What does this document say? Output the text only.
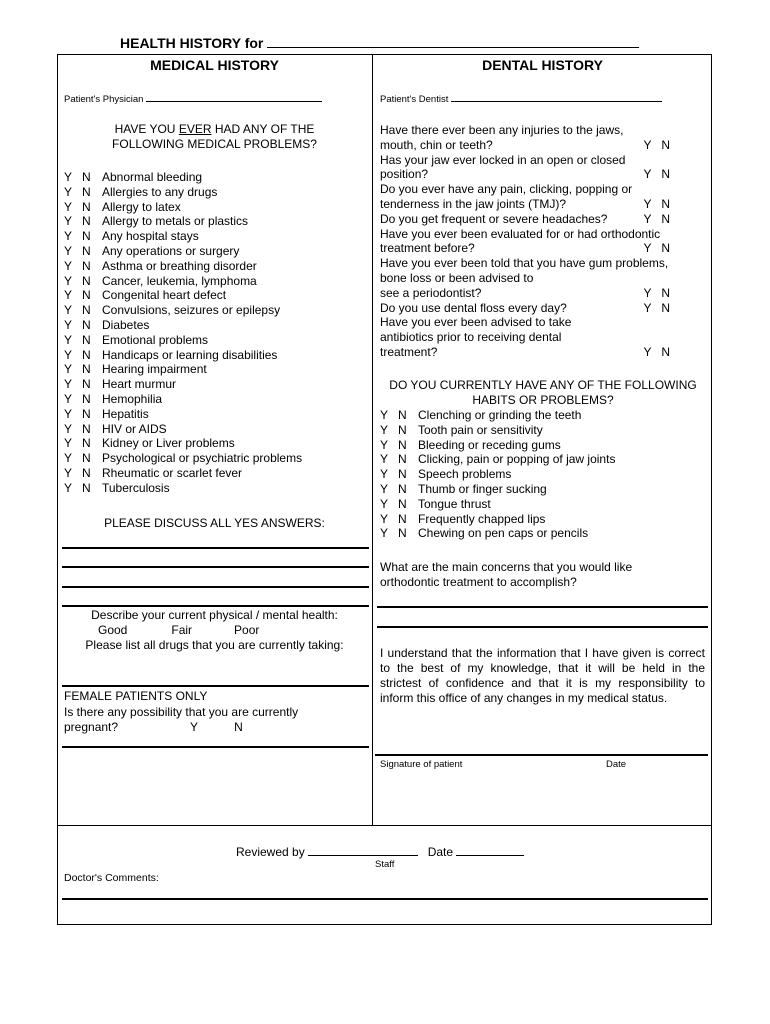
HEALTH HISTORY for
MEDICAL HISTORY
Patient's Physician
HAVE YOU EVER HAD ANY OF THE
FOLLOWING MEDICAL PROBLEMS?
Y N Abnormal bleeding
Y N Allergies to any drugs
Y N Allergy to latex
Y N Allergy to metals or plastics
Y N Any hospital stays
Y N Any operations or surgery
Y N Asthma or breathing disorder
Y N Cancer, leukemia, lymphoma
Y N Congenital heart defect
Y N Convulsions, seizures or epilepsy
Y N Diabetes
Y N Emotional problems
Y N Handicaps or learning disabilities
Y N Hearing impairment
Y N Heart murmur
Y N Hemophilia
Y N Hepatitis
Y N HIV or AIDS
Y N Kidney or Liver problems
Y N Psychological or psychiatric problems
Y N Rheumatic or scarlet fever
Y N Tuberculosis
PLEASE DISCUSS ALL YES ANSWERS:
Describe your current physical / mental health:
Good	Fair	Poor
Please list all drugs that you are currently taking:
FEMALE PATIENTS ONLY
Is there any possibility that you are currently
pregnant?	Y	N
DENTAL HISTORY
Patient's Dentist
Have there ever been any injuries to the jaws,
mouth, chin or teeth?	Y   N
Has your jaw ever locked in an open or closed
position?	Y   N
Do you ever have any pain, clicking, popping or
tenderness in the jaw joints (TMJ)?	Y   N
Do you get frequent or severe headaches?	Y   N
Have you ever been evaluated for or had orthodontic
treatment before?	Y   N
Have you ever been told that you have gum problems,
bone loss or been advised to
see a periodontist?	Y   N
Do you use dental floss every day?	Y   N
Have you ever been advised to take
antibiotics prior to receiving dental
treatment?	Y   N
DO YOU CURRENTLY HAVE ANY OF THE FOLLOWING
HABITS OR PROBLEMS?
Y N Clenching or grinding the teeth
Y N Tooth pain or sensitivity
Y N Bleeding or receding gums
Y N Clicking, pain or popping of jaw joints
Y N Speech problems
Y N Thumb or finger sucking
Y N Tongue thrust
Y N Frequently chapped lips
Y N Chewing on pen caps or pencils
What are the main concerns that you would like
orthodontic treatment to accomplish?
I understand that the information that I have given is correct to the best of my knowledge, that it will be held in the strictest of confidence and that it is my responsibility to inform this office of any changes in my medical status.
Signature of patient	Date
Reviewed by	Date
Staff
Doctor's Comments:
